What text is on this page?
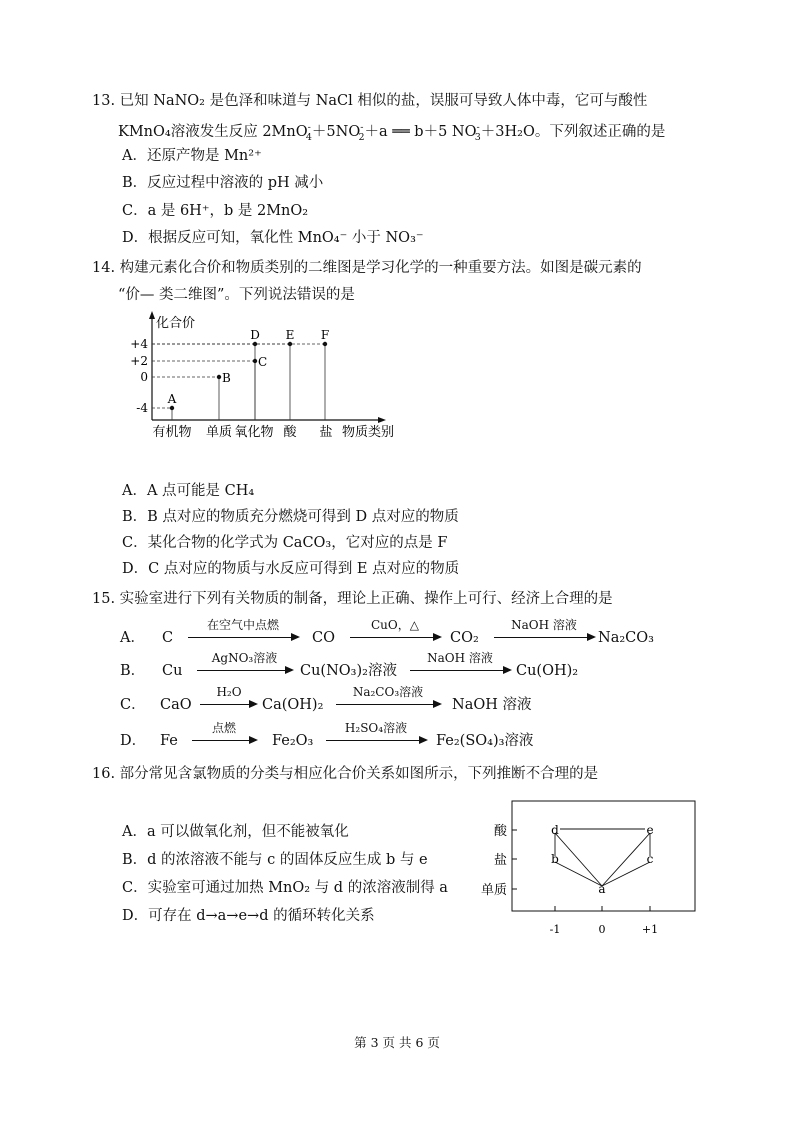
13. 已知 NaNO₂ 是色泽和味道与 NaCl 相似的盐，误服可导致人体中毒，它可与酸性
KMnO₄溶液发生反应 $2MnO^-_4+5NO^-_2+a$ ══ b＋5 $NO^-_3+3H_2O$。下列叙述正确的是
A．还原产物是 Mn²⁺
B．反应过程中溶液的 pH 减小
C．a 是 6H⁺，b 是 2MnO₂
D．根据反应可知，氧化性 MnO₄⁻ 小于 NO₃⁻
14. 构建元素化合价和物质类别的二维图是学习化学的一种重要方法。如图是碳元素的
“价— 类二维图”。下列说法错误的是
化合价
+4
+2
0
-4
有机物 单质 氧化物 酸 盐 物质类别
A
B
C
D E F
A．A 点可能是 CH₄
B．B 点对应的物质充分燃烧可得到 D 点对应的物质
C．某化合物的化学式为 CaCO₃，它对应的点是 F
D．C 点对应的物质与水反应可得到 E 点对应的物质
15. 实验室进行下列有关物质的制备，理论上正确、操作上可行、经济上合理的是
A． C
在空气中点燃
CO
CuO，△
CO₂
NaOH 溶液
Na₂CO₃
B． Cu
AgNO₃溶液
Cu(NO₃)₂溶液
NaOH 溶液
Cu(OH)₂
C． CaO
H₂O
Ca(OH)₂
Na₂CO₃溶液
NaOH 溶液
D． Fe
点燃
Fe₂O₃
H₂SO₄溶液
Fe₂(SO₄)₃溶液
16. 部分常见含氯物质的分类与相应化合价关系如图所示，下列推断不合理的是
A．a 可以做氧化剂，但不能被氧化
B．d 的浓溶液不能与 c 的固体反应生成 b 与 e
C．实验室可通过加热 MnO₂ 与 d 的浓溶液制得 a
D．可存在 d→a→e→d 的循环转化关系
酸
盐
单质
-1	0	+1
d	e
b	c
a
第 3 页 共 6 页
